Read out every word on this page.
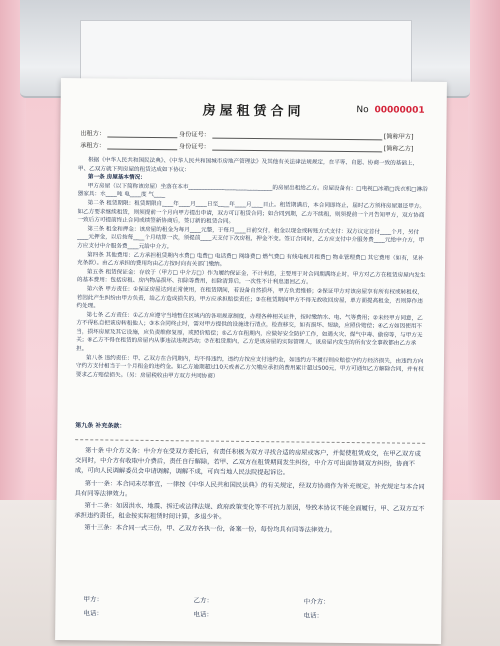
房屋租赁合同	No 00000001
出租方：	身份证号：	[简称甲方]
承租方：	身份证号：	[简称乙方]

根据《中华人民共和国民法典》、《中华人民共和国城市房地产管理法》及其他有关法律法规规定，在平等、自愿、协商一致的基础上，甲、乙双方就下列房屋的租赁达成如下协议：

第一条 房屋基本情况：

甲方房屋（以下简称该房屋）坐落在本市______________________________的房屋出租给乙方。房屋设备有：□电视□冰箱□洗衣机□淋浴器家具：水____吨 电____度 气____

第二条 租赁期限：租赁期限自____年____月____日至____年____月____日止。租赁期满后，本合同即终止，届时乙方须将房屋退还甲方。如乙方要求继续租赁，则须提前一个月向甲方提出申请，双方可订租赁合同；如合同到期，乙方不续租，则须提前一个月告知甲方，双方协商一致后方可提前终止合同或续签新协商后，签订新的租赁合同。

第三条 租金和押金：该房屋的租金为每月____元整，于每月____日前交付，租金以现金或转账方式支付：双方议定首付____个月，另付____元押金，以后按每____个月结算一次，须提前____天支付下次房租，押金不变。签订合同时，乙方应支付中介服务费____元给中介方，甲方应支付中介服务费____元给中介方。

第四条 其他费用：乙方承担租赁期内水费□ 电费□ 电话费□ 网络费□ 燃气费□ 有线电视月租费□ 物业管理费□ 其它费用（如有，见补充条款）。由乙方承担的费用均由乙方按时向有关部门缴纳。

第五条 租赁保证金：存放于（甲方□ 中介方□）作为履约保证金，不计利息，主要用于对合同期满终止时，甲方对乙方在租赁房屋内发生的基本费用：包括房租、房内物品损坏、扣除等费用，扣除清算后，一次性不计利息退回乙方。

第六条 甲方责任：①保证房屋达到正常使用，在租赁期间，若设备自然损坏，甲方负责维修；②保证甲方对该房屋享有所有权或转租权，若因此产生纠纷由甲方负责，给乙方造成损失的，甲方应承担赔偿责任；③在租赁期间甲方不得无故收回房屋，单方面提高租金，否则算作违约处理。

第七条 乙方责任：①乙方应遵守当地暂住区域内的各项规章制度，办理各种相关证件，按时缴纳水、电、气等费用；②未经甲方同意，乙方不得私自把该房转租他人；③本合同终止时，需对甲方提供的设施进行清点，检查移交，如有损坏、短缺，应照价赔偿；④乙方如因使用不当，损坏房屋及其它设施，应负责维修复原，或照价赔偿；⑤乙方在租期内，应做好安全防护工作，如遇火灾、煤气中毒、偷窃等，与甲方无关；⑥乙方不得在租赁的房屋内从事违法违规活动；⑦在租赁期内，乙方是该房屋的实际管理人，该房屋内发生的所有安全事故都由乙方承担。

第八条 违约责任：甲、乙双方在合同期内，均不得违约，违约方按应支付违约金，如违约方不履行则应赔偿守约方经济损失，由违约方向守约方支付相当于一个月租金的违约金。如乙方逾期超过10天或者乙方欠缴应承担的费用累计超过500元，甲方可通知乙方解除合同，并有权要求乙方赔偿损失。（另：房屋税收由甲方双方共同协商）

第九条 补充条款：

第十条 中介方义务：中介方在受双方委托后，有责任积极为双方寻找合适的房屋或客户，并促使租赁成交，在甲乙双方成交同时，中介方有收取中介费后，责任自行解除，若甲、乙双方在租赁期间发生纠纷，中介方可出面协调双方纠纷，协商不成，可向人民调解委员会申请调解，调解不成，可向当地人民法院提起诉讼。

第十一条：本合同未尽事宜，一律按《中华人民共和国民法典》的有关规定，经双方协商作为补充规定，补充规定与本合同具有同等法律效力。

第十二条：如因洪水、地震、拆迁或法律法规、政府政策变化等不可抗力原因，导致本协议不能全面履行，甲、乙双方互不承担违约责任，租金按实际租赁时间计算，多退少补。

第十三条：本合同一式三份，甲、乙双方各执一份，备案一份，每份均具有同等法律效力。

甲方：	乙方：	中介方：
电话：	电话：	电话：
